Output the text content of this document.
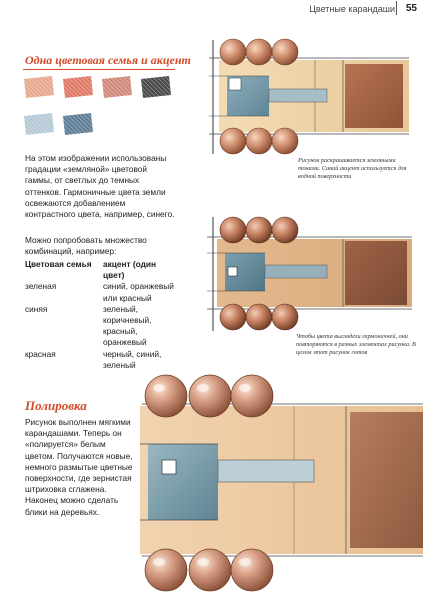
Цветные карандаши 55
Одна цветовая семья и акцент

На этом изображении использованы градации «земляной» цветовой гаммы, от светлых до темных оттенков. Гармоничные цвета земли освежаются добавлением контрастного цвета, например, синего.

Можно попробовать множество комбинаций, например:

Цветовая семья	акцент (один цвет)
зеленая	синий, оранжевый
	или красный
синяя	зеленый,
	коричневый,
	красный,
	оранжевый
красная	черный, синий,
	зеленый

Рисунок раскрашивается земляными тонами. Синий акцент используется для водной поверхности

Чтобы цвета выглядели гармоничней, они повторяются в разных элементах рисунка. В целом этот рисунок готов

Полировка

Рисунок выполнен мягкими карандашами. Теперь он «полируется» белым цветом. Получаются новые, немного размытые цветные поверхности, где зернистая штриховка сглажена. Наконец можно сделать блики на деревьях.
